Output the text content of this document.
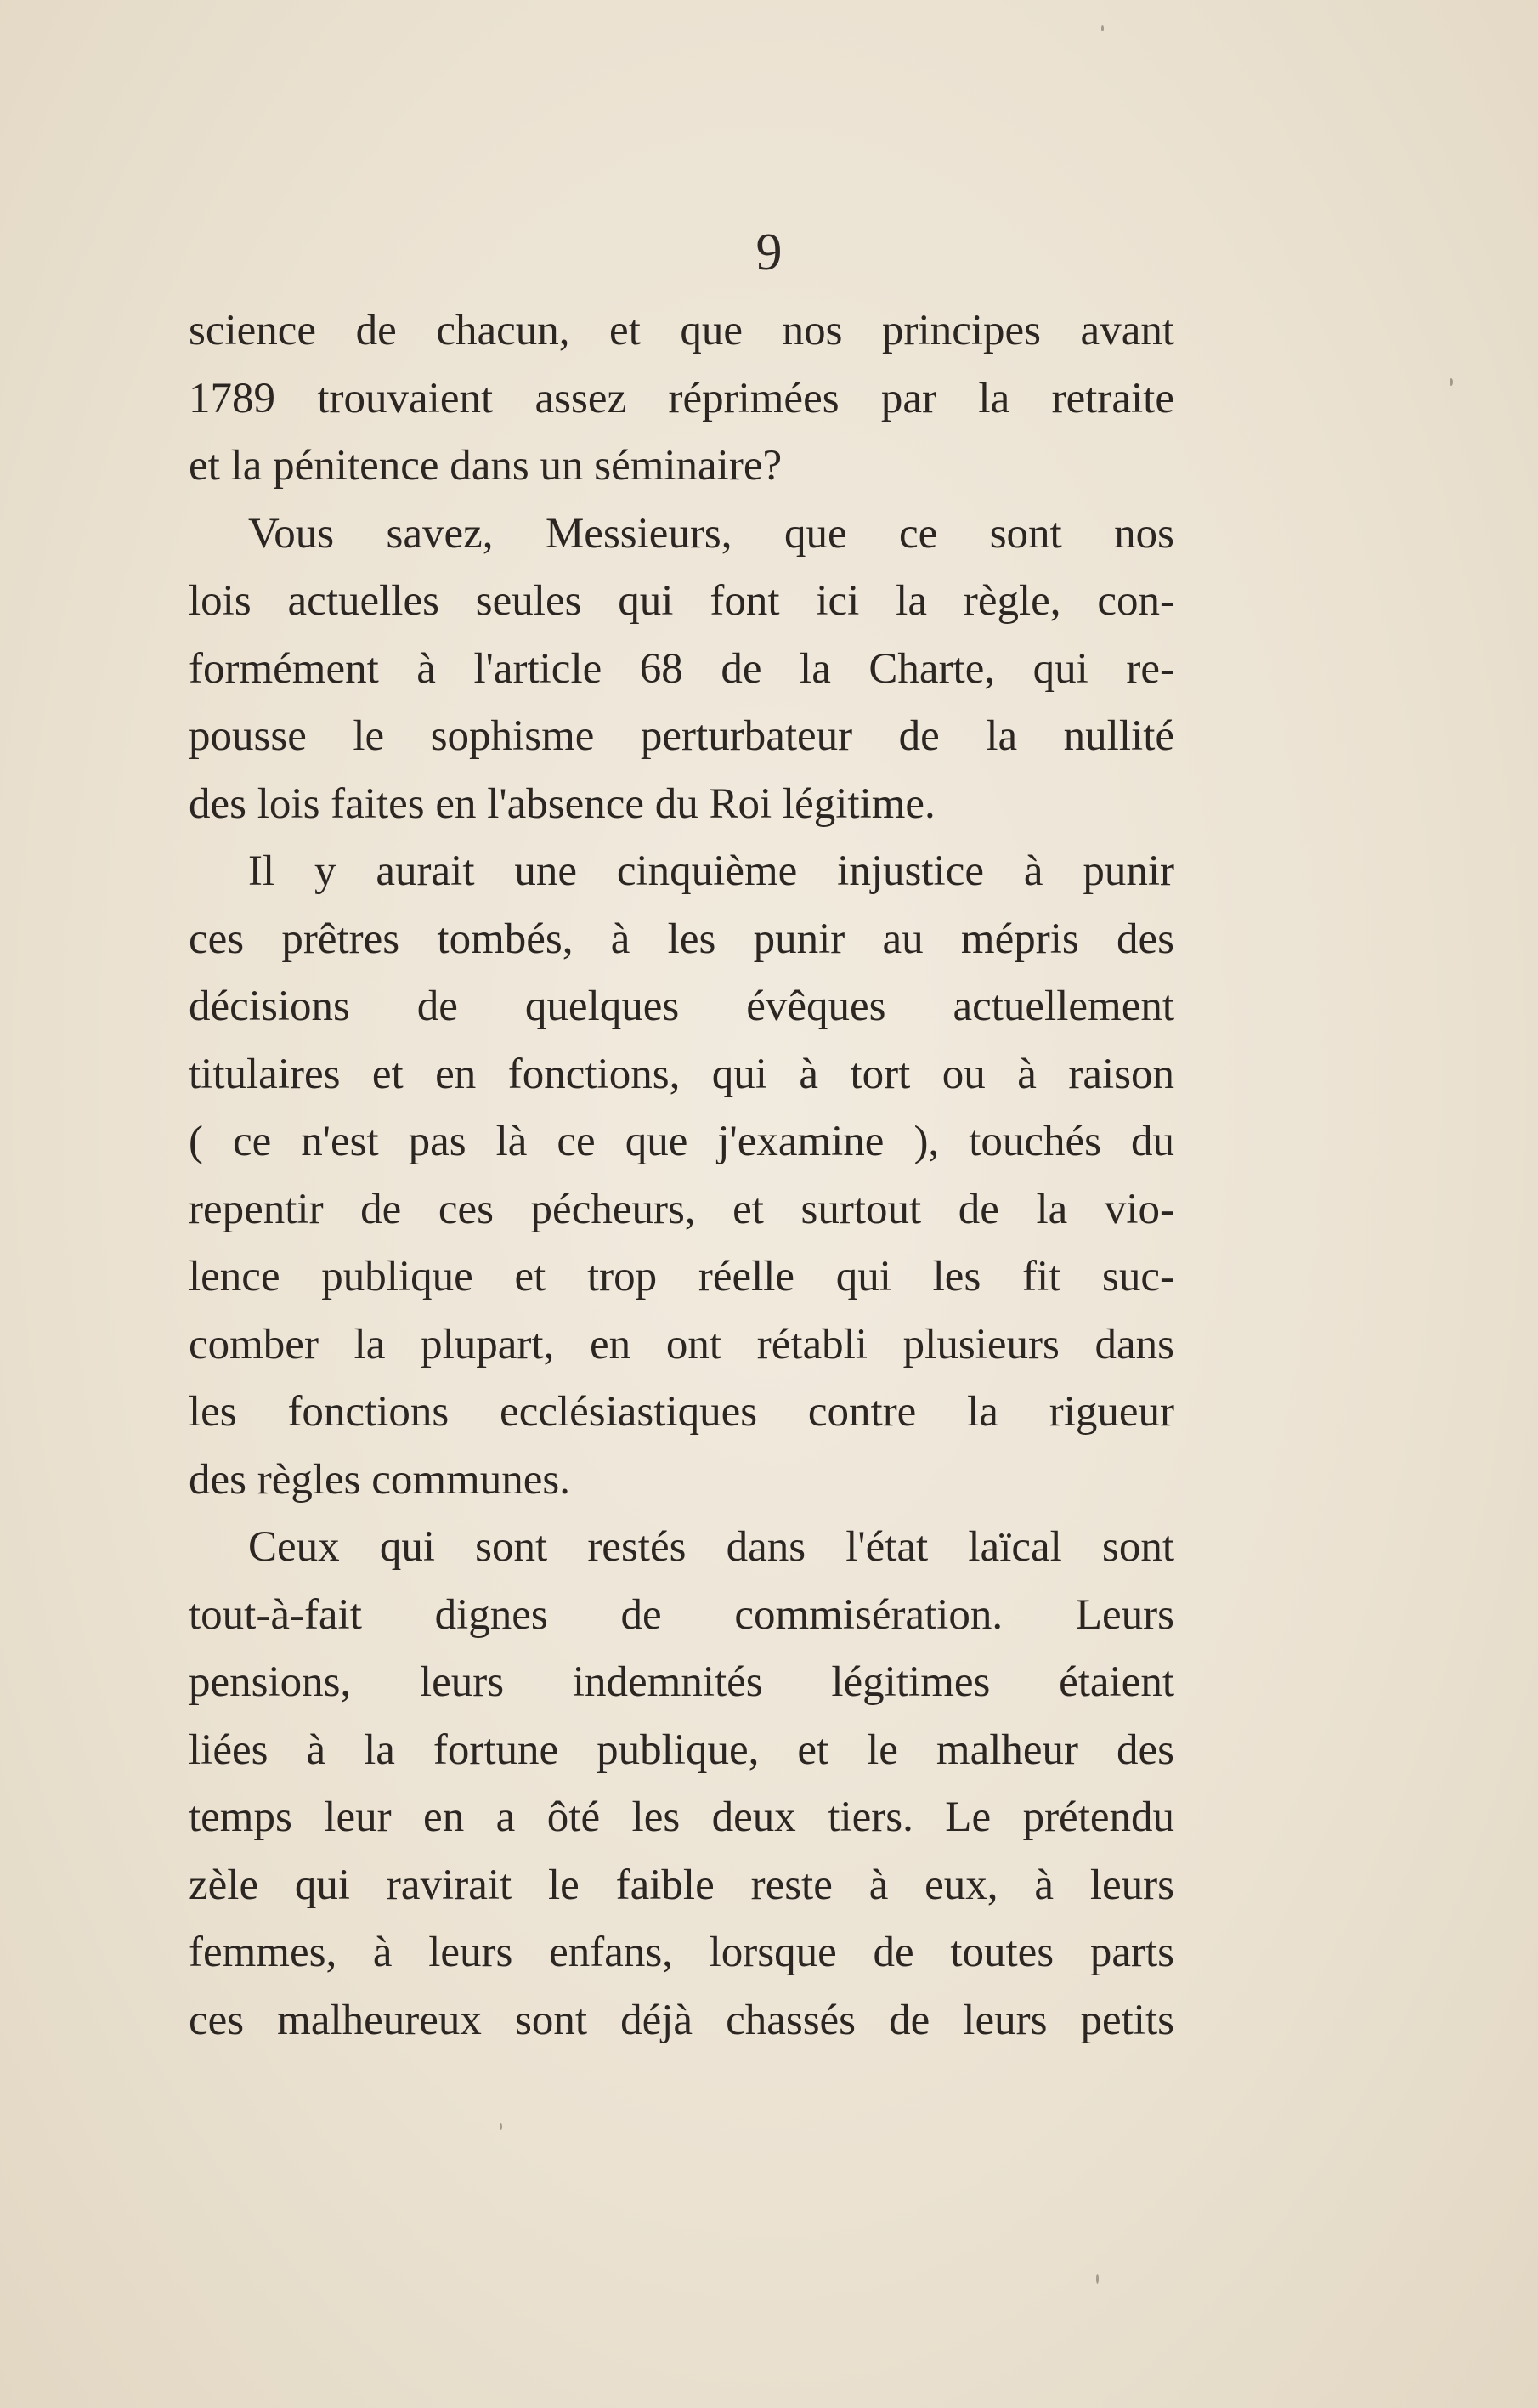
9
science de chacun, et que nos principes avant
1789 trouvaient assez réprimées par la retraite
et la pénitence dans un séminaire?
Vous savez, Messieurs, que ce sont nos
lois actuelles seules qui font ici la règle, con-
formément à l'article 68 de la Charte, qui re-
pousse le sophisme perturbateur de la nullité
des lois faites en l'absence du Roi légitime.
Il y aurait une cinquième injustice à punir
ces prêtres tombés, à les punir au mépris des
décisions de quelques évêques actuellement
titulaires et en fonctions, qui à tort ou à raison
( ce n'est pas là ce que j'examine ), touchés du
repentir de ces pécheurs, et surtout de la vio-
lence publique et trop réelle qui les fit suc-
comber la plupart, en ont rétabli plusieurs dans
les fonctions ecclésiastiques contre la rigueur
des règles communes.
Ceux qui sont restés dans l'état laïcal sont
tout-à-fait dignes de commisération. Leurs
pensions, leurs indemnités légitimes étaient
liées à la fortune publique, et le malheur des
temps leur en a ôté les deux tiers. Le prétendu
zèle qui ravirait le faible reste à eux, à leurs
femmes, à leurs enfans, lorsque de toutes parts
ces malheureux sont déjà chassés de leurs petits
